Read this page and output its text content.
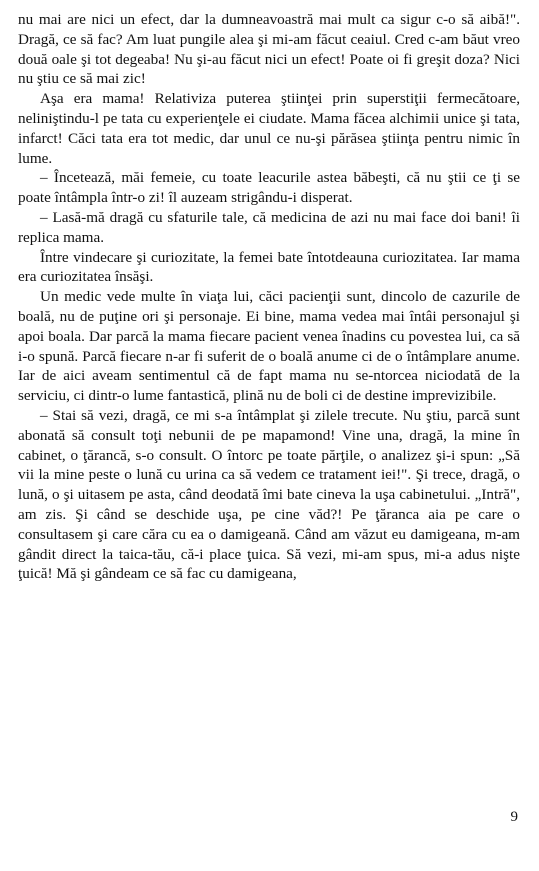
nu mai are nici un efect, dar la dumneavoastră mai mult ca sigur c-o să aibă!". Dragă, ce să fac? Am luat pungile alea şi mi-am făcut ceaiul. Cred c-am băut vreo două oale şi tot degeaba! Nu şi-au făcut nici un efect! Poate oi fi greşit doza? Nici nu ştiu ce să mai zic!

Aşa era mama! Relativiza puterea ştiinţei prin superstiţii fermecătoare, neliniştindu-l pe tata cu experienţele ei ciudate. Mama făcea alchimii unice şi tata, infarct! Căci tata era tot medic, dar unul ce nu-şi părăsea ştiinţa pentru nimic în lume.

– Încetează, măi femeie, cu toate leacurile astea băbeşti, că nu ştii ce ţi se poate întâmpla într-o zi! îl auzeam strigându-i disperat.

– Lasă-mă dragă cu sfaturile tale, că medicina de azi nu mai face doi bani! îi replica mama.

Între vindecare şi curiozitate, la femei bate întotdeauna curiozitatea. Iar mama era curiozitatea însăşi.

Un medic vede multe în viaţa lui, căci pacienţii sunt, dincolo de cazurile de boală, nu de puţine ori şi personaje. Ei bine, mama vedea mai întâi personajul şi apoi boala. Dar parcă la mama fiecare pacient venea înadins cu povestea lui, ca să i-o spună. Parcă fiecare n-ar fi suferit de o boală anume ci de o întâmplare anume. Iar de aici aveam sentimentul că de fapt mama nu se-ntorcea niciodată de la serviciu, ci dintr-o lume fantastică, plină nu de boli ci de destine imprevizibile.

– Stai să vezi, dragă, ce mi s-a întâmplat şi zilele trecute. Nu ştiu, parcă sunt abonată să consult toţi nebunii de pe mapamond! Vine una, dragă, la mine în cabinet, o ţărancă, s-o consult. O întorc pe toate părţile, o analizez şi-i spun: „Să vii la mine peste o lună cu urina ca să vedem ce tratament iei!". Şi trece, dragă, o lună, o şi uitasem pe asta, când deodată îmi bate cineva la uşa cabinetului. „Intră", am zis. Şi când se deschide uşa, pe cine văd?! Pe ţăranca aia pe care o consultasem şi care căra cu ea o damigeană. Când am văzut eu damigeana, m-am gândit direct la taica-tău, că-i place ţuica. Să vezi, mi-am spus, mi-a adus nişte ţuică! Mă şi gândeam ce să fac cu damigeana,

9
